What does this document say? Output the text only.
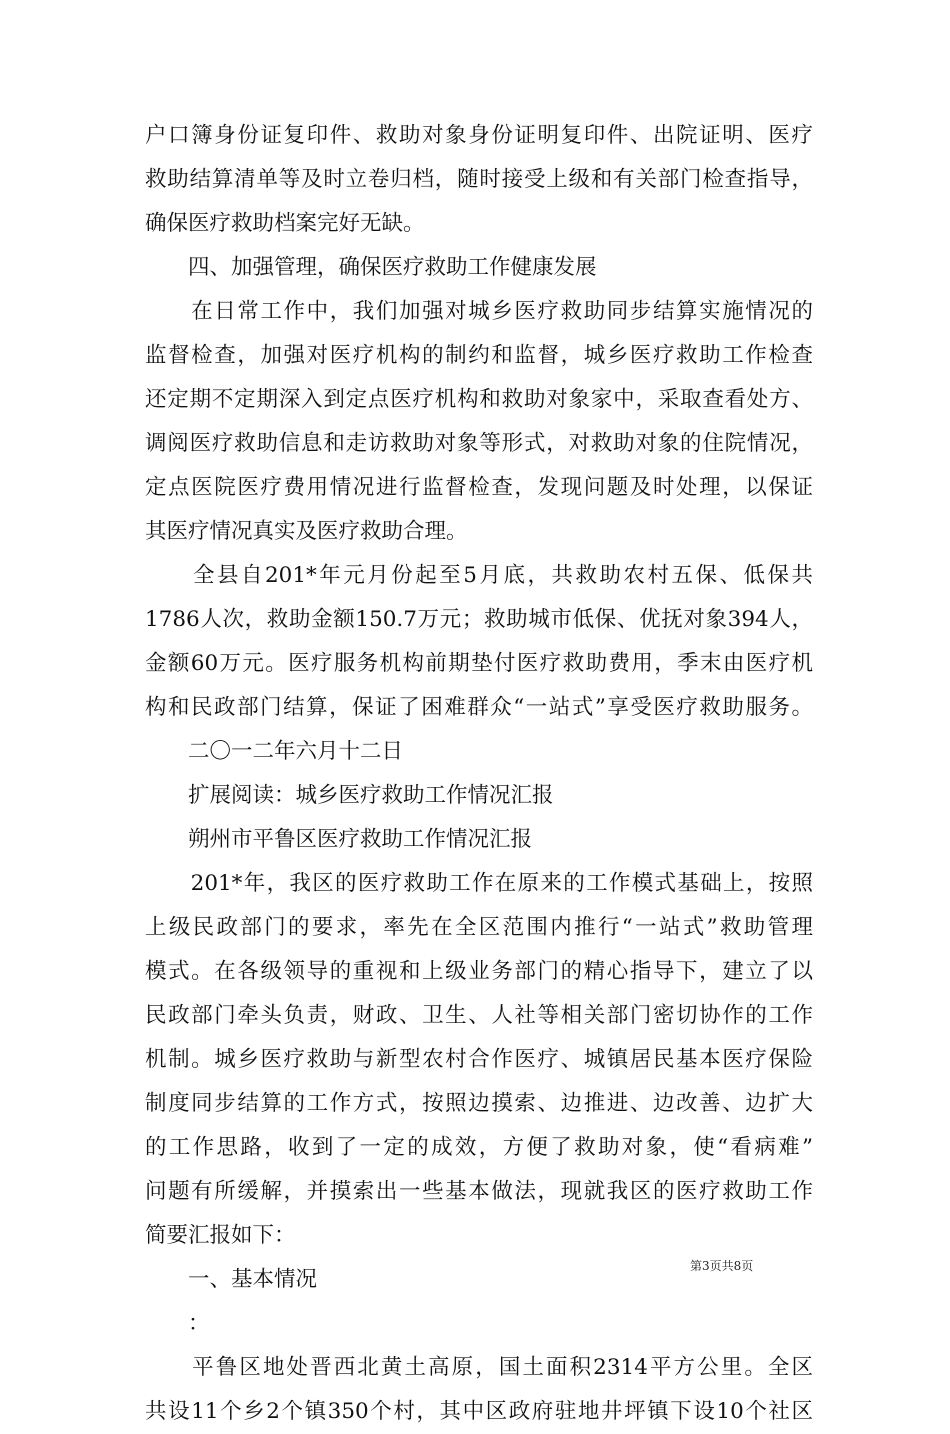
户口簿身份证复印件、救助对象身份证明复印件、出院证明、医疗
救助结算清单等及时立卷归档，随时接受上级和有关部门检查指导，
确保医疗救助档案完好无缺。
　　四、加强管理，确保医疗救助工作健康发展
　　在日常工作中，我们加强对城乡医疗救助同步结算实施情况的
监督检查，加强对医疗机构的制约和监督，城乡医疗救助工作检查
还定期不定期深入到定点医疗机构和救助对象家中，采取查看处方、
调阅医疗救助信息和走访救助对象等形式，对救助对象的住院情况，
定点医院医疗费用情况进行监督检查，发现问题及时处理，以保证
其医疗情况真实及医疗救助合理。
　　全县自201*年元月份起至5月底，共救助农村五保、低保共
1786人次，救助金额150.7万元；救助城市低保、优抚对象394人，
金额60万元。医疗服务机构前期垫付医疗救助费用，季末由医疗机
构和民政部门结算，保证了困难群众“一站式”享受医疗救助服务。
　　二〇一二年六月十二日
　　扩展阅读：城乡医疗救助工作情况汇报
　　朔州市平鲁区医疗救助工作情况汇报
　　201*年，我区的医疗救助工作在原来的工作模式基础上，按照
上级民政部门的要求，率先在全区范围内推行“一站式”救助管理
模式。在各级领导的重视和上级业务部门的精心指导下，建立了以
民政部门牵头负责，财政、卫生、人社等相关部门密切协作的工作
机制。城乡医疗救助与新型农村合作医疗、城镇居民基本医疗保险
制度同步结算的工作方式，按照边摸索、边推进、边改善、边扩大
的工作思路，收到了一定的成效，方便了救助对象，使“看病难”
问题有所缓解，并摸索出一些基本做法，现就我区的医疗救助工作
简要汇报如下：
　　一、基本情况
　　：
　　平鲁区地处晋西北黄土高原，国土面积2314平方公里。全区
共设11个乡2个镇350个村，其中区政府驻地井坪镇下设10个社区
第3页共8页
